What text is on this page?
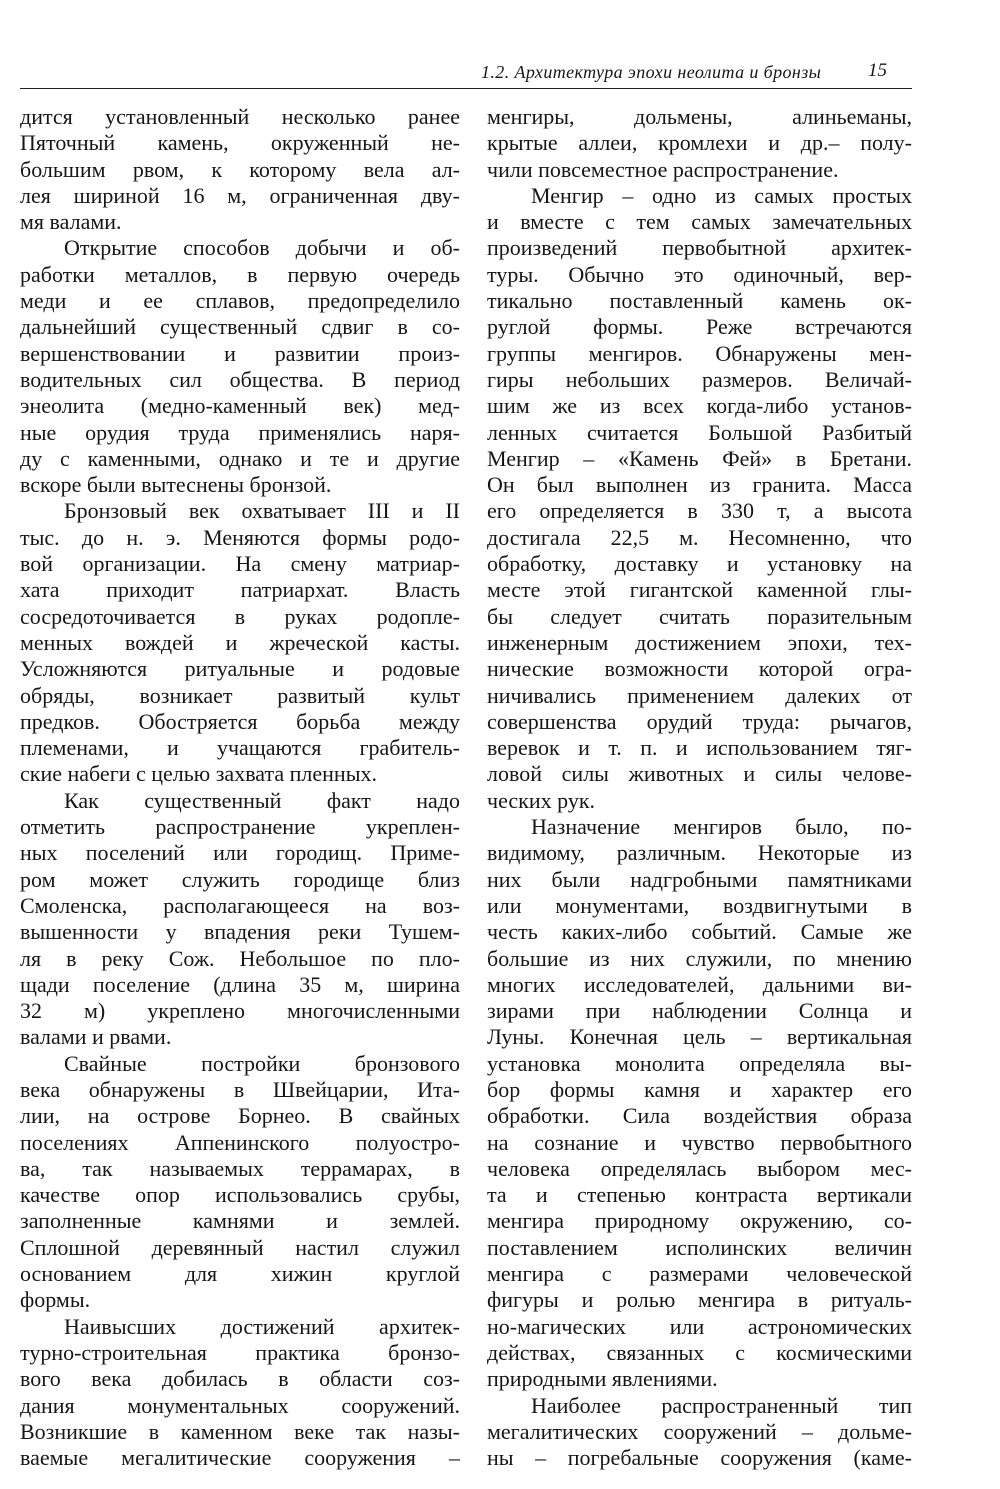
1.2. Архитектура эпохи неолита и бронзы 15
дится установленный несколько ранее
Пяточный камень, окруженный не-
большим рвом, к которому вела ал-
лея шириной 16 м, ограниченная дву-
мя валами.
Открытие способов добычи и об-
работки металлов, в первую очередь
меди и ее сплавов, предопределило
дальнейший существенный сдвиг в со-
вершенствовании и развитии произ-
водительных сил общества. В период
энеолита (медно-каменный век) мед-
ные орудия труда применялись наря-
ду с каменными, однако и те и другие
вскоре были вытеснены бронзой.
Бронзовый век охватывает III и II
тыс. до н. э. Меняются формы родо-
вой организации. На смену матриар-
хата приходит патриархат. Власть
сосредоточивается в руках родопле-
менных вождей и жреческой касты.
Усложняются ритуальные и родовые
обряды, возникает развитый культ
предков. Обостряется борьба между
племенами, и учащаются грабитель-
ские набеги с целью захвата пленных.
Как существенный факт надо
отметить распространение укреплен-
ных поселений или городищ. Приме-
ром может служить городище близ
Смоленска, располагающееся на воз-
вышенности у впадения реки Тушем-
ля в реку Сож. Небольшое по пло-
щади поселение (длина 35 м, ширина
32 м) укреплено многочисленными
валами и рвами.
Свайные постройки бронзового
века обнаружены в Швейцарии, Ита-
лии, на острове Борнео. В свайных
поселениях Аппенинского полуостро-
ва, так называемых террамарах, в
качестве опор использовались срубы,
заполненные камнями и землей.
Сплошной деревянный настил служил
основанием для хижин круглой
формы.
Наивысших достижений архитек-
турно-строительная практика бронзо-
вого века добилась в области соз-
дания монументальных сооружений.
Возникшие в каменном веке так назы-
ваемые мегалитические сооружения –
менгиры, дольмены, алиньеманы,
крытые аллеи, кромлехи и др.– полу-
чили повсеместное распространение.
Менгир – одно из самых простых
и вместе с тем самых замечательных
произведений первобытной архитек-
туры. Обычно это одиночный, вер-
тикально поставленный камень ок-
руглой формы. Реже встречаются
группы менгиров. Обнаружены мен-
гиры небольших размеров. Величай-
шим же из всех когда-либо установ-
ленных считается Большой Разбитый
Менгир – «Камень Фей» в Бретани.
Он был выполнен из гранита. Масса
его определяется в 330 т, а высота
достигала 22,5 м. Несомненно, что
обработку, доставку и установку на
месте этой гигантской каменной глы-
бы следует считать поразительным
инженерным достижением эпохи, тех-
нические возможности которой огра-
ничивались применением далеких от
совершенства орудий труда: рычагов,
веревок и т. п. и использованием тяг-
ловой силы животных и силы челове-
ческих рук.
Назначение менгиров было, по-
видимому, различным. Некоторые из
них были надгробными памятниками
или монументами, воздвигнутыми в
честь каких-либо событий. Самые же
большие из них служили, по мнению
многих исследователей, дальними ви-
зирами при наблюдении Солнца и
Луны. Конечная цель – вертикальная
установка монолита определяла вы-
бор формы камня и характер его
обработки. Сила воздействия образа
на сознание и чувство первобытного
человека определялась выбором мес-
та и степенью контраста вертикали
менгира природному окружению, со-
поставлением исполинских величин
менгира с размерами человеческой
фигуры и ролью менгира в ритуаль-
но-магических или астрономических
действах, связанных с космическими
природными явлениями.
Наиболее распространенный тип
мегалитических сооружений – дольме-
ны – погребальные сооружения (каме-
